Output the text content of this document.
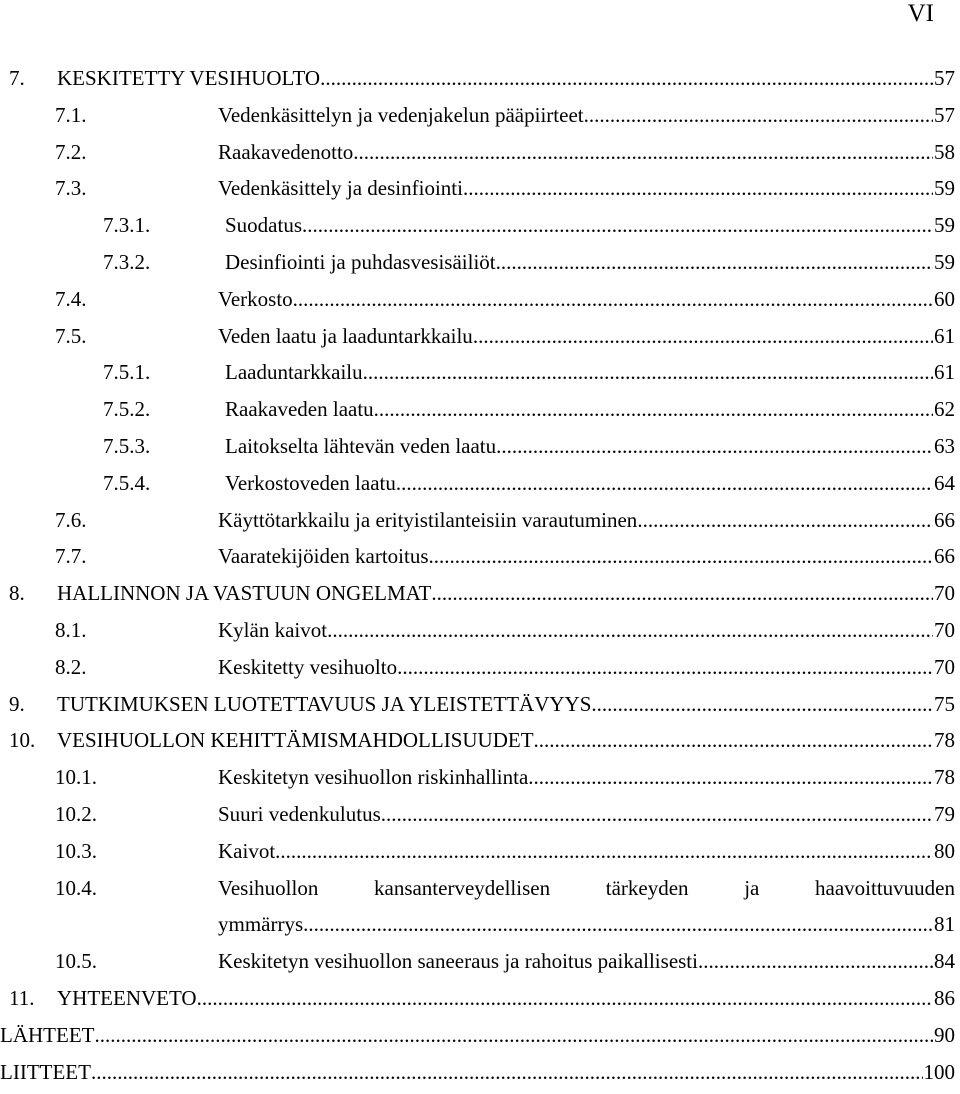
VI
7. KESKITETTY VESIHUOLTO .....	57
7.1.	Vedenkäsittelyn ja vedenjakelun pääpiirteet .....	57
7.2.	Raakavedenotto .....	58
7.3.	Vedenkäsittely ja desinfiointi .....	59
7.3.1.	Suodatus .....	59
7.3.2.	Desinfiointi ja puhdasvesisäiliöt .....	59
7.4.	Verkosto .....	60
7.5.	Veden laatu ja laaduntarkkailu .....	61
7.5.1.	Laaduntarkkailu .....	61
7.5.2.	Raakaveden laatu .....	62
7.5.3.	Laitokselta lähtevän veden laatu .....	63
7.5.4.	Verkostoveden laatu .....	64
7.6.	Käyttötarkkailu ja erityistilanteisiin varautuminen .....	66
7.7.	Vaaratekijöiden kartoitus .....	66
8. HALLINNON JA VASTUUN ONGELMAT .....	70
8.1.	Kylän kaivot .....	70
8.2.	Keskitetty vesihuolto .....	70
9. TUTKIMUKSEN LUOTETTAVUUS JA YLEISTETTÄVYYS .....	75
10. VESIHUOLLON KEHITTÄMISMAHDOLLISUUDET .....	78
10.1.	Keskitetyn vesihuollon riskinhallinta .....	78
10.2.	Suuri vedenkulutus .....	79
10.3.	Kaivot .....	80
10.4.	Vesihuollon kansanterveydellisen tärkeyden ja haavoittuvuuden
ymmärrys .....	81
10.5.	Keskitetyn vesihuollon saneeraus ja rahoitus paikallisesti .....	84
11. YHTEENVETO .....	86
LÄHTEET .....	90
LIITTEET .....	100
